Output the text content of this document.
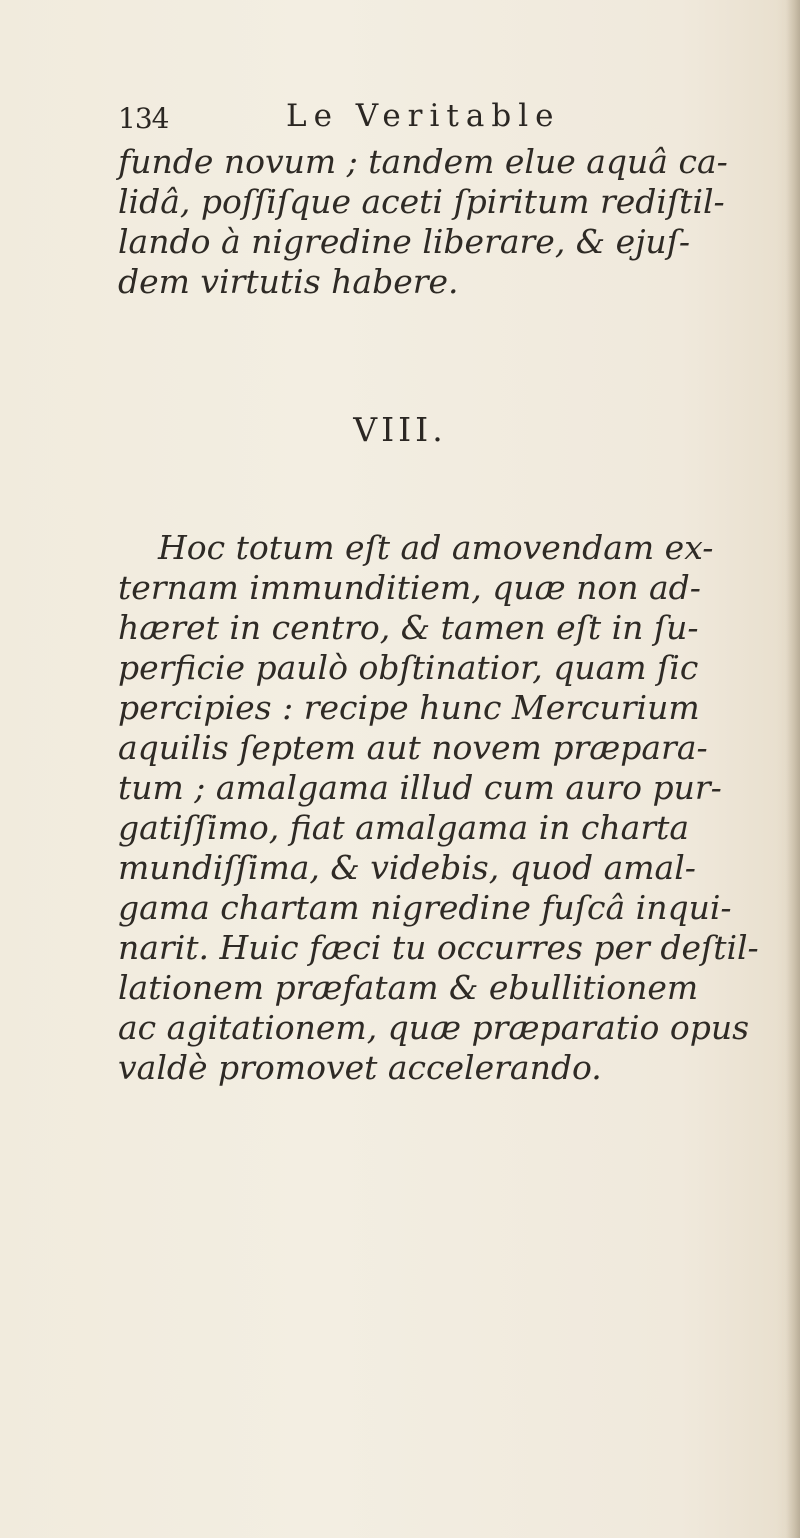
134	Le Veritable
funde novum ; tandem elue aquâ ca-
lidâ, poſſiſque aceti ſpiritum rediſtil-
lando à nigredine liberare, & ejuſ-
dem virtutis habere.
VIII.
Hoc totum eſt ad amovendam ex-
ternam immunditiem, quæ non ad-
hæret in centro, & tamen eſt in ſu-
perficie paulò obſtinatior, quam ſic
percipies : recipe hunc Mercurium
aquilis ſeptem aut novem præpara-
tum ; amalgama illud cum auro pur-
gatiſſimo, fiat amalgama in charta
mundiſſima, & videbis, quod amal-
gama chartam nigredine fuſcâ inqui-
narit. Huic fæci tu occurres per deſtil-
lationem præfatam & ebullitionem
ac agitationem, quæ præparatio opus
valdè promovet accelerando.
